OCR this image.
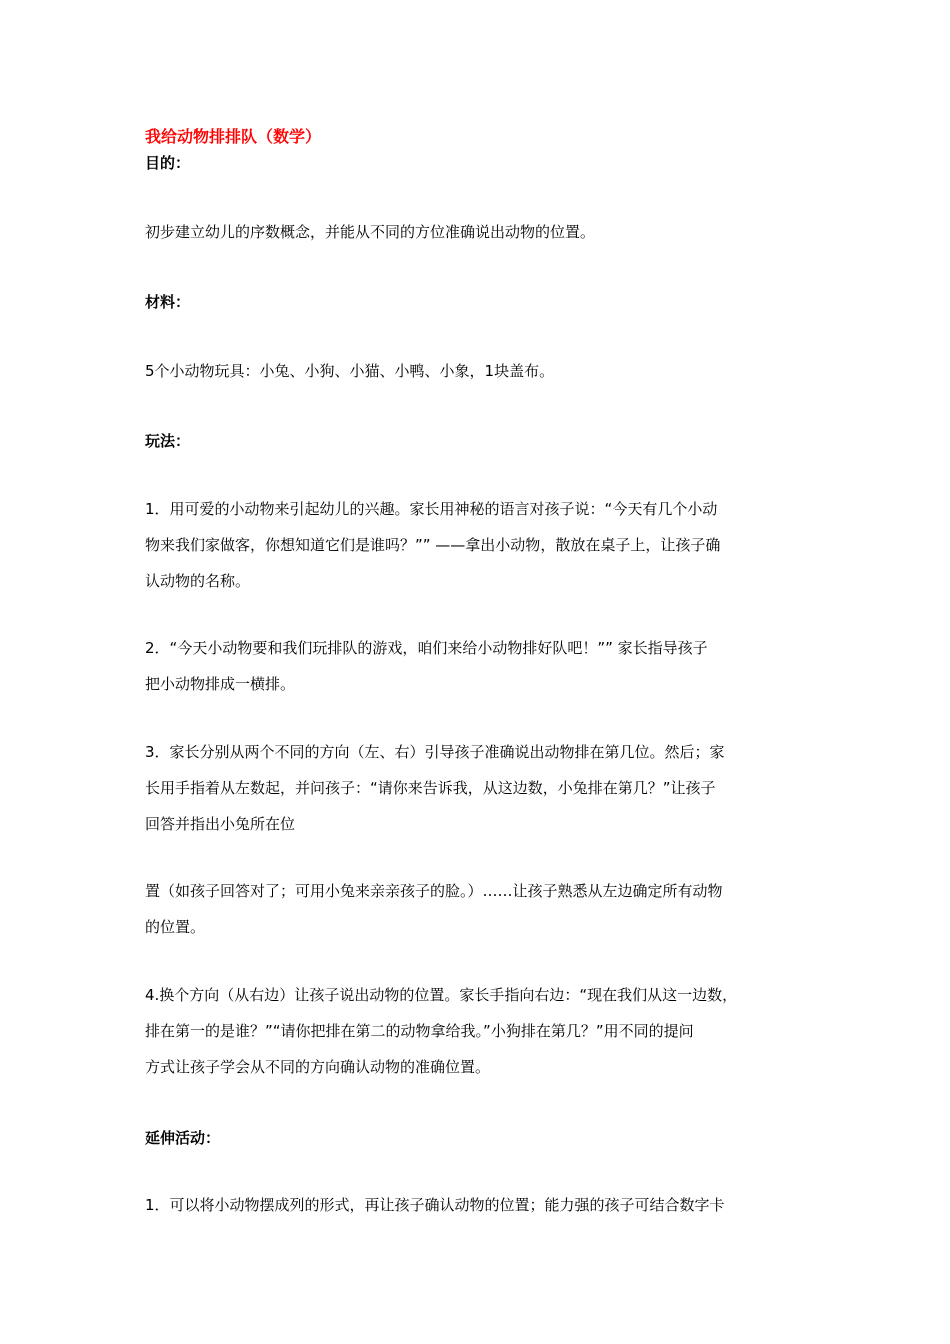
我给动物排排队（数学）
目的：
初步建立幼儿的序数概念，并能从不同的方位准确说出动物的位置。
材料：
5个小动物玩具：小兔、小狗、小猫、小鸭、小象，1块盖布。
玩法：
1．用可爱的小动物来引起幼儿的兴趣。家长用神秘的语言对孩子说：“今天有几个小动
物来我们家做客，你想知道它们是谁吗？”” ——拿出小动物，散放在桌子上，让孩子确
认动物的名称。
2．“今天小动物要和我们玩排队的游戏，咱们来给小动物排好队吧！”” 家长指导孩子
把小动物排成一横排。
3．家长分别从两个不同的方向（左、右）引导孩子准确说出动物排在第几位。然后；家
长用手指着从左数起，并问孩子：“请你来告诉我，从这边数，小兔排在第几？”让孩子
回答并指出小兔所在位
置（如孩子回答对了；可用小兔来亲亲孩子的脸。）……让孩子熟悉从左边确定所有动物
的位置。
4.换个方向（从右边）让孩子说出动物的位置。家长手指向右边：“现在我们从这一边数，
排在第一的是谁？”“请你把排在第二的动物拿给我。”小狗排在第几？”用不同的提问
方式让孩子学会从不同的方向确认动物的准确位置。
延伸活动：
1．可以将小动物摆成列的形式，再让孩子确认动物的位置；能力强的孩子可结合数字卡
